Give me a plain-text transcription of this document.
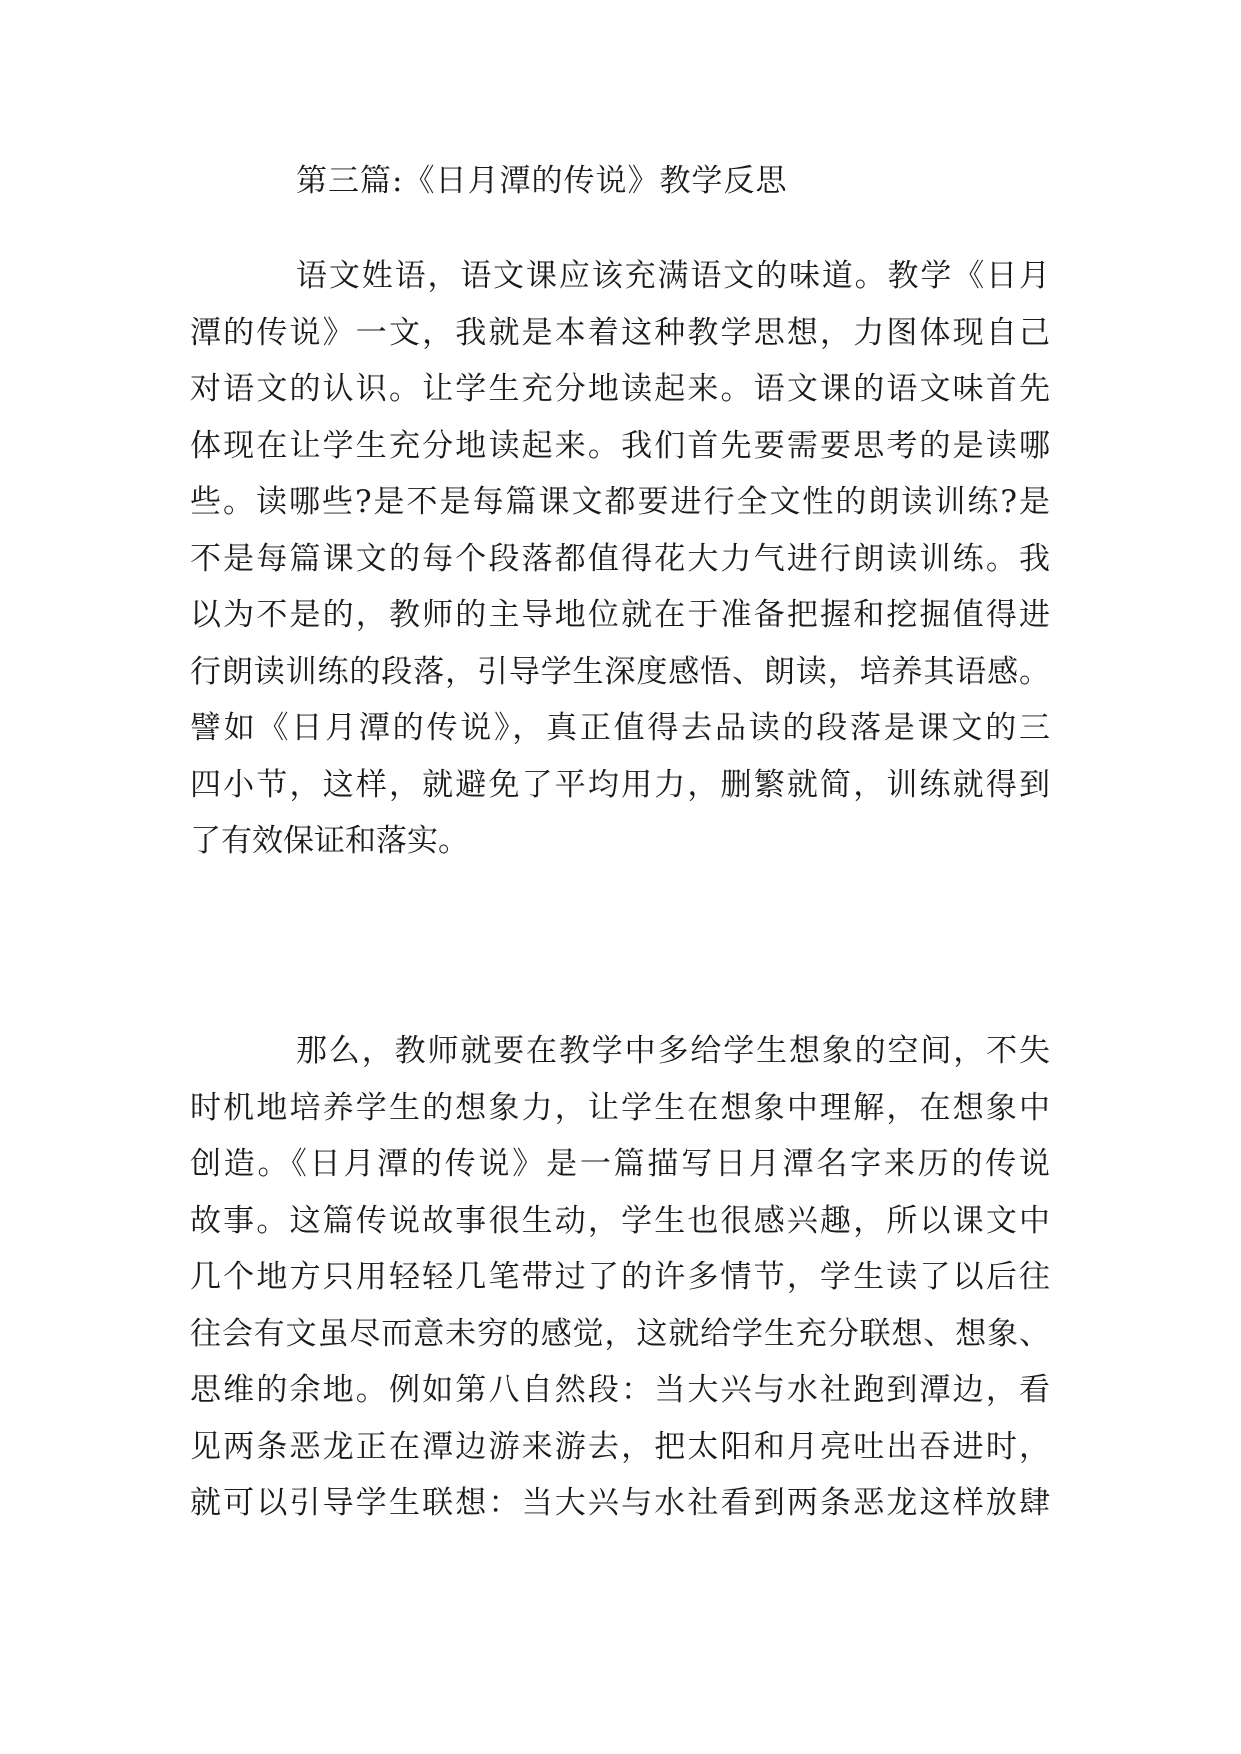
第三篇:《日月潭的传说》教学反思
语文姓语，语文课应该充满语文的味道。教学《日月
潭的传说》一文，我就是本着这种教学思想，力图体现自己
对语文的认识。让学生充分地读起来。语文课的语文味首先
体现在让学生充分地读起来。我们首先要需要思考的是读哪
些。读哪些?是不是每篇课文都要进行全文性的朗读训练?是
不是每篇课文的每个段落都值得花大力气进行朗读训练。我
以为不是的，教师的主导地位就在于准备把握和挖掘值得进
行朗读训练的段落，引导学生深度感悟、朗读，培养其语感。
譬如《日月潭的传说》，真正值得去品读的段落是课文的三
四小节，这样，就避免了平均用力，删繁就简，训练就得到
了有效保证和落实。
那么，教师就要在教学中多给学生想象的空间，不失
时机地培养学生的想象力，让学生在想象中理解，在想象中
创造。《日月潭的传说》是一篇描写日月潭名字来历的传说
故事。这篇传说故事很生动，学生也很感兴趣，所以课文中
几个地方只用轻轻几笔带过了的许多情节，学生读了以后往
往会有文虽尽而意未穷的感觉，这就给学生充分联想、想象、
思维的余地。例如第八自然段：当大兴与水社跑到潭边，看
见两条恶龙正在潭边游来游去，把太阳和月亮吐出吞进时，
就可以引导学生联想：当大兴与水社看到两条恶龙这样放肆
